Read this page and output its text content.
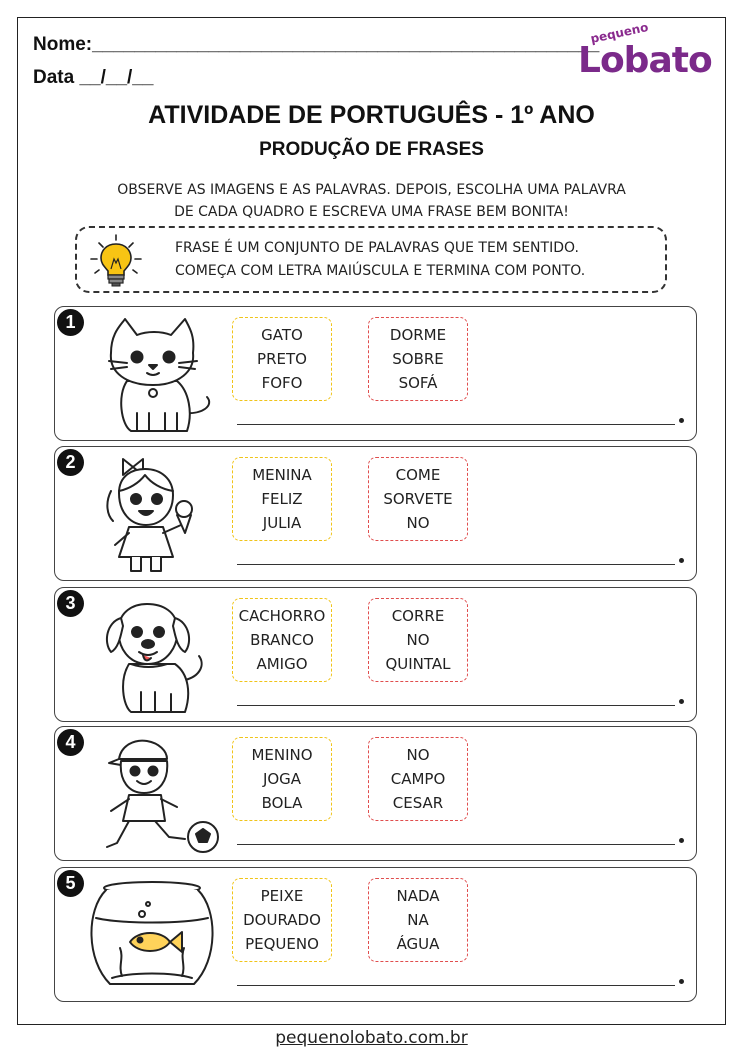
Nome:________________________________________________
Data __/__/__
pequeno
Lobato
ATIVIDADE DE PORTUGUÊS - 1º ANO
PRODUÇÃO DE FRASES
OBSERVE AS IMAGENS E AS PALAVRAS. DEPOIS, ESCOLHA UMA PALAVRA
DE CADA QUADRO E ESCREVA UMA FRASE BEM BONITA!
FRASE É UM CONJUNTO DE PALAVRAS QUE TEM SENTIDO.
COMEÇA COM LETRA MAIÚSCULA E TERMINA COM PONTO.
1
GATO
PRETO
FOFO
DORME
SOBRE
SOFÁ
2
MENINA
FELIZ
JULIA
COME
SORVETE
NO
3
CACHORRO
BRANCO
AMIGO
CORRE
NO
QUINTAL
4
MENINO
JOGA
BOLA
NO
CAMPO
CESAR
5
PEIXE
DOURADO
PEQUENO
NADA
NA
ÁGUA
pequenolobato.com.br
